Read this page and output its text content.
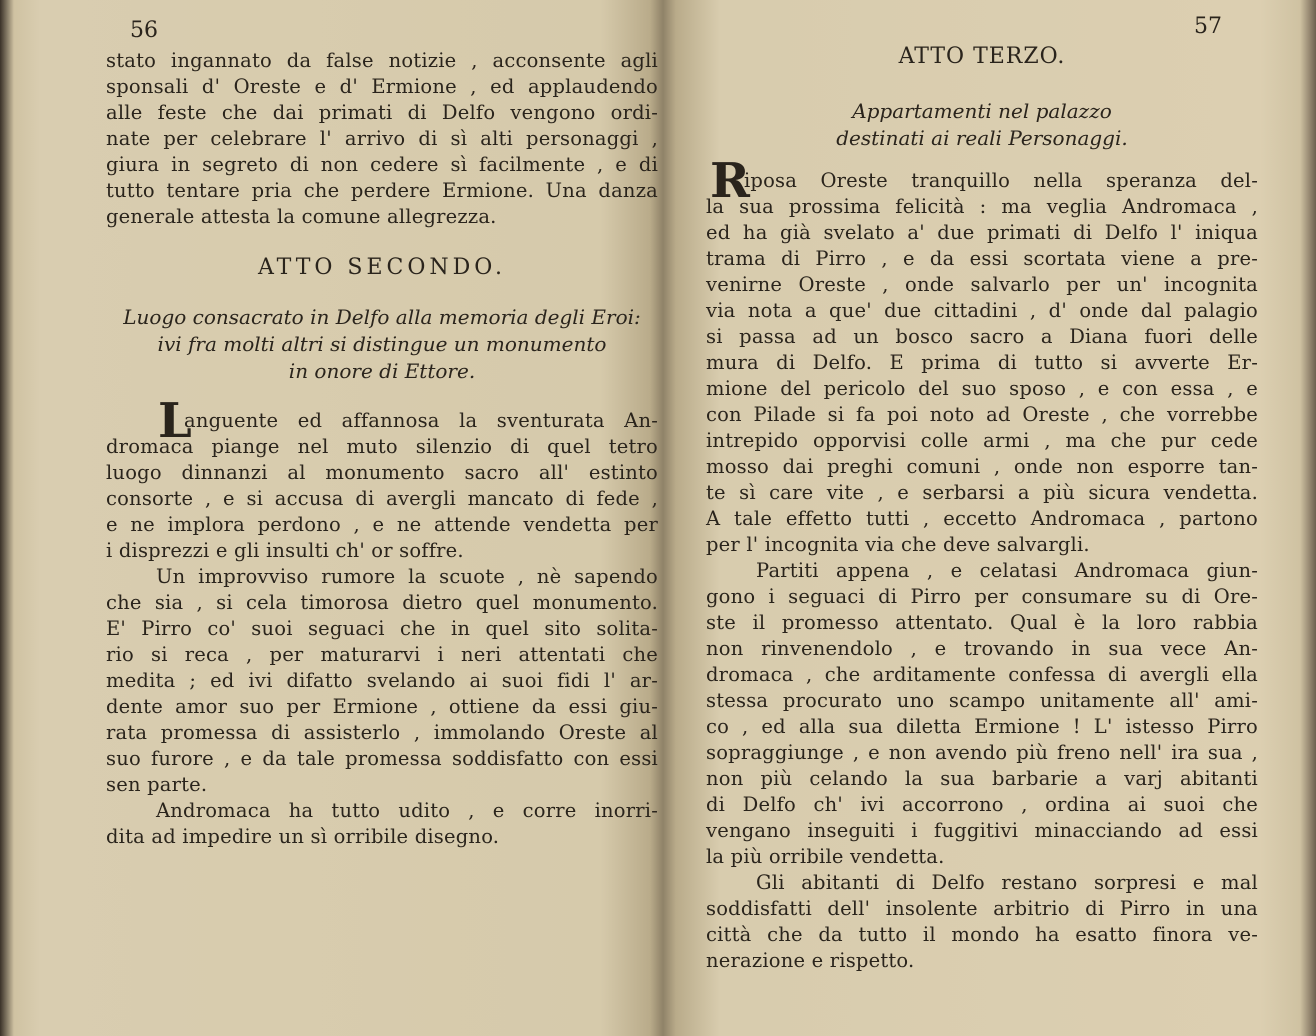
56
stato ingannato da false notizie , acconsente agli
sponsali d' Oreste e d' Ermione , ed applaudendo
alle feste che dai primati di Delfo vengono ordi-
nate per celebrare l' arrivo di sì alti personaggi ,
giura in segreto di non cedere sì facilmente , e di
tutto tentare pria che perdere Ermione. Una danza
generale attesta la comune allegrezza.
ATTO SECONDO.
Luogo consacrato in Delfo alla memoria degli Eroi:
ivi fra molti altri si distingue un monumento
in onore di Ettore.
L
anguente ed affannosa la sventurata An-
dromaca piange nel muto silenzio di quel tetro
luogo dinnanzi al monumento sacro all' estinto
consorte , e si accusa di avergli mancato di fede ,
e ne implora perdono , e ne attende vendetta per
i disprezzi e gli insulti ch' or soffre.
Un improvviso rumore la scuote , nè sapendo
che sia , si cela timorosa dietro quel monumento.
E' Pirro co' suoi seguaci che in quel sito solita-
rio si reca , per maturarvi i neri attentati che
medita ; ed ivi difatto svelando ai suoi fidi l' ar-
dente amor suo per Ermione , ottiene da essi giu-
rata promessa di assisterlo , immolando Oreste al
suo furore , e da tale promessa soddisfatto con essi
sen parte.
Andromaca ha tutto udito , e corre inorri-
dita ad impedire un sì orribile disegno.
57
ATTO TERZO.
Appartamenti nel palazzo
destinati ai reali Personaggi.
R
iposa Oreste tranquillo nella speranza del-
la sua prossima felicità : ma veglia Andromaca ,
ed ha già svelato a' due primati di Delfo l' iniqua
trama di Pirro , e da essi scortata viene a pre-
venirne Oreste , onde salvarlo per un' incognita
via nota a que' due cittadini , d' onde dal palagio
si passa ad un bosco sacro a Diana fuori delle
mura di Delfo. E prima di tutto si avverte Er-
mione del pericolo del suo sposo , e con essa , e
con Pilade si fa poi noto ad Oreste , che vorrebbe
intrepido opporvisi colle armi , ma che pur cede
mosso dai preghi comuni , onde non esporre tan-
te sì care vite , e serbarsi a più sicura vendetta.
A tale effetto tutti , eccetto Andromaca , partono
per l' incognita via che deve salvargli.
Partiti appena , e celatasi Andromaca giun-
gono i seguaci di Pirro per consumare su di Ore-
ste il promesso attentato. Qual è la loro rabbia
non rinvenendolo , e trovando in sua vece An-
dromaca , che arditamente confessa di avergli ella
stessa procurato uno scampo unitamente all' ami-
co , ed alla sua diletta Ermione ! L' istesso Pirro
sopraggiunge , e non avendo più freno nell' ira sua ,
non più celando la sua barbarie a varj abitanti
di Delfo ch' ivi accorrono , ordina ai suoi che
vengano inseguiti i fuggitivi minacciando ad essi
la più orribile vendetta.
Gli abitanti di Delfo restano sorpresi e mal
soddisfatti dell' insolente arbitrio di Pirro in una
città che da tutto il mondo ha esatto finora ve-
nerazione e rispetto.
